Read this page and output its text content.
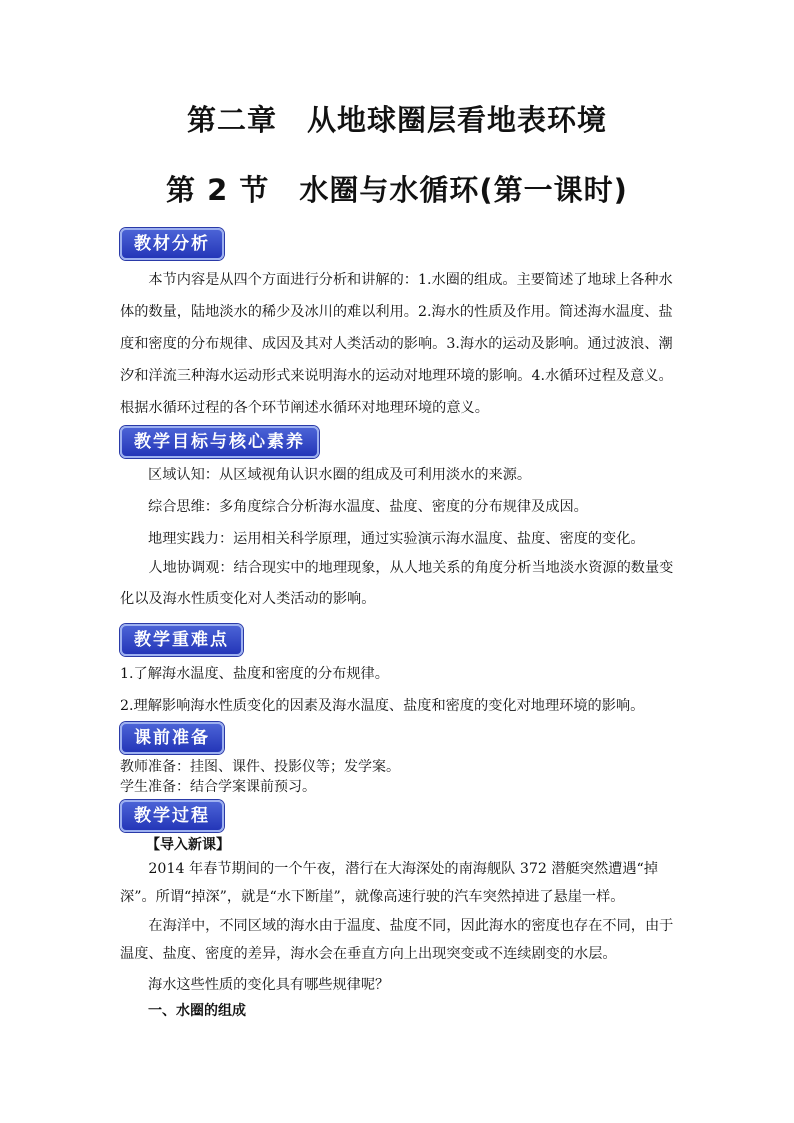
第二章　从地球圈层看地表环境
第 2 节　水圈与水循环(第一课时)
教材分析
本节内容是从四个方面进行分析和讲解的：1.水圈的组成。主要简述了地球上各种水体的数量，陆地淡水的稀少及冰川的难以利用。2.海水的性质及作用。简述海水温度、盐度和密度的分布规律、成因及其对人类活动的影响。3.海水的运动及影响。通过波浪、潮汐和洋流三种海水运动形式来说明海水的运动对地理环境的影响。4.水循环过程及意义。根据水循环过程的各个环节阐述水循环对地理环境的意义。
教学目标与核心素养
区域认知：从区域视角认识水圈的组成及可利用淡水的来源。
综合思维：多角度综合分析海水温度、盐度、密度的分布规律及成因。
地理实践力：运用相关科学原理，通过实验演示海水温度、盐度、密度的变化。
人地协调观：结合现实中的地理现象，从人地关系的角度分析当地淡水资源的数量变化以及海水性质变化对人类活动的影响。
教学重难点
1.了解海水温度、盐度和密度的分布规律。
2.理解影响海水性质变化的因素及海水温度、盐度和密度的变化对地理环境的影响。
课前准备
教师准备：挂图、课件、投影仪等；发学案。
学生准备：结合学案课前预习。
教学过程
【导入新课】
2014 年春节期间的一个午夜，潜行在大海深处的南海舰队 372 潜艇突然遭遇“掉深”。所谓“掉深”，就是“水下断崖”，就像高速行驶的汽车突然掉进了悬崖一样。
在海洋中，不同区域的海水由于温度、盐度不同，因此海水的密度也存在不同，由于温度、盐度、密度的差异，海水会在垂直方向上出现突变或不连续剧变的水层。
海水这些性质的变化具有哪些规律呢？
一、水圈的组成
